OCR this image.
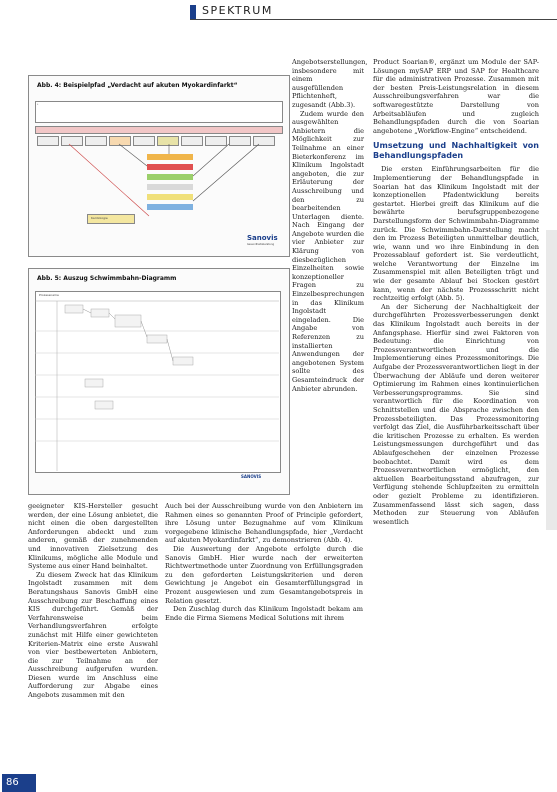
SPEKTRUM
Abb. 4: Beispielpfad „Verdacht auf akuten Myokardinfarkt“
•
Kardiologie
Sanovis
Gesundheitsberatung
Abb. 5: Auszug Schwimmbahn-Diagramm
Prozessname
SANOVIS

Angebotserstellungen, insbesondere mit einem ausgefüllenden Pflichtenheft, zugesandt (Abb.3).

Zudem wurde den ausgewählten Anbietern die Möglichkeit zur Teilnahme an einer Bieterkonferenz im Klinikum Ingolstadt angeboten, die zur Erläuterung der Ausschreibung und den zu bearbeitenden Unterlagen diente. Nach Eingang der Angebote wurden die vier Anbieter zur Klärung von diesbezüglichen Einzelheiten sowie konzeptioneller Fragen zu Einzelbesprechungen in das Klinikum Ingolstadt eingeladen. Die Angabe von Referenzen zu installierten Anwendungen der angebotenen System sollte des Gesamteindruck der Anbieter abrunden.

Product Soarian®, ergänzt um Module der SAP-Lösungen mySAP ERP und SAP for Healthcare für die administrativen Prozesse. Zusammen mit der besten Preis-Leistungsrelation in diesem Ausschreibungsverfahren war die softwaregestützte Darstellung von Arbeitsabläufen und zugleich Behandlungspfaden durch die von Soarian angebotene „Workflow-Engine“ entscheidend.

Umsetzung und Nachhaltigkeit von Behandlungspfaden

Die ersten Einführungsarbeiten für die Implementierung der Behandlungspfade in Soarian hat das Klinikum Ingolstadt mit der konzeptionellen Pfadentwicklung bereits gestartet. Hierbei greift das Klinikum auf die bewährte berufsgruppenbezogene Darstellungsform der Schwimmbahn-Diagramme zurück. Die Schwimmbahn-Darstellung macht den im Prozess Beteiligten unmittelbar deutlich, wie, wann und wo ihre Einbindung in den Prozessablauf gefordert ist. Sie verdeutlicht, welche Verantwortung der Einzelne im Zusammenspiel mit allen Beteiligten trägt und wie der gesamte Ablauf bei Stocken gestört kann, wenn der nächste Prozessschritt nicht rechtzeitig erfolgt (Abb. 5).

An der Sicherung der Nachhaltigkeit der durchgeführten Prozessverbesserungen denkt das Klinikum Ingolstadt auch bereits in der Anfangsphase. Hierfür sind zwei Faktoren von Bedeutung: die Einrichtung von Prozessverantwortlichen und die Implementierung eines Prozessmonitorings. Die Aufgabe der Prozessverantwortlichen liegt in der Überwachung der Abläufe und deren weiterer Optimierung im Rahmen eines kontinuierlichen Verbesserungsprogramms. Sie sind verantwortlich für die Koordination von Schnittstellen und die Absprache zwischen den Prozessbeteiligten. Das Prozessmonitoring verfolgt das Ziel, die Ausführbarkeitsschaft über die kritischen Prozesse zu erhalten. Es werden Leistungsmessungen durchgeführt und das Ablaufgeschehen der einzelnen Prozesse beobachtet. Damit wird es dem Prozessverantwortlichen ermöglicht, den aktuellen Bearbeitungsstand abzufragen, zur Verfügung stehende Schlupfzeiten zu ermitteln oder gezielt Probleme zu identifizieren. Zusammenfassend lässt sich sagen, dass Methoden zur Steuerung von Abläufen wesentlich

geeigneter KIS-Hersteller gesucht werden, der eine Lösung anbietet, die nicht einen die oben dargestellten Anforderungen abdeckt und zum anderen, gemäß der zunehmenden und innovativen Zielsetzung des Klinikums, mögliche alle Module und Systeme aus einer Hand beinhaltet.

Zu diesem Zweck hat das Klinikum Ingolstadt zusammen mit dem Beratungshaus Sanovis GmbH eine Ausschreibung zur Beschaffung eines KIS durchgeführt. Gemäß der Verfahrensweise beim Verhandlungsverfahren erfolgte zunächst mit Hilfe einer gewichteten Kriterien-Matrix eine erste Auswahl von vier bestbewerteten Anbietern, die zur Teilnahme an der Ausschreibung aufgerufen wurden. Diesen wurde im Anschluss eine Aufforderung zur Abgabe eines Angebots zusammen mit den

Auch bei der Ausschreibung wurde von den Anbietern im Rahmen eines so genannten Proof of Principle gefordert, ihre Lösung unter Bezugnahme auf vom Klinikum vorgegebene klinische Behandlungspfade, hier „Verdacht auf akuten Myokardinfarkt“, zu demonstrieren (Abb. 4).

Die Auswertung der Angebote erfolgte durch die Sanovis GmbH. Hier wurde nach der erweiterten Richtwertmethode unter Zuordnung von Erfüllungsgraden zu den geforderten Leistungskriterien und deren Gewichtung je Angebot ein Gesamterfüllungsgrad in Prozent ausgewiesen und zum Gesamtangebotspreis in Relation gesetzt.

Den Zuschlag durch das Klinikum Ingolstadt bekam am Ende die Firma Siemens Medical Solutions mit ihrem

86
